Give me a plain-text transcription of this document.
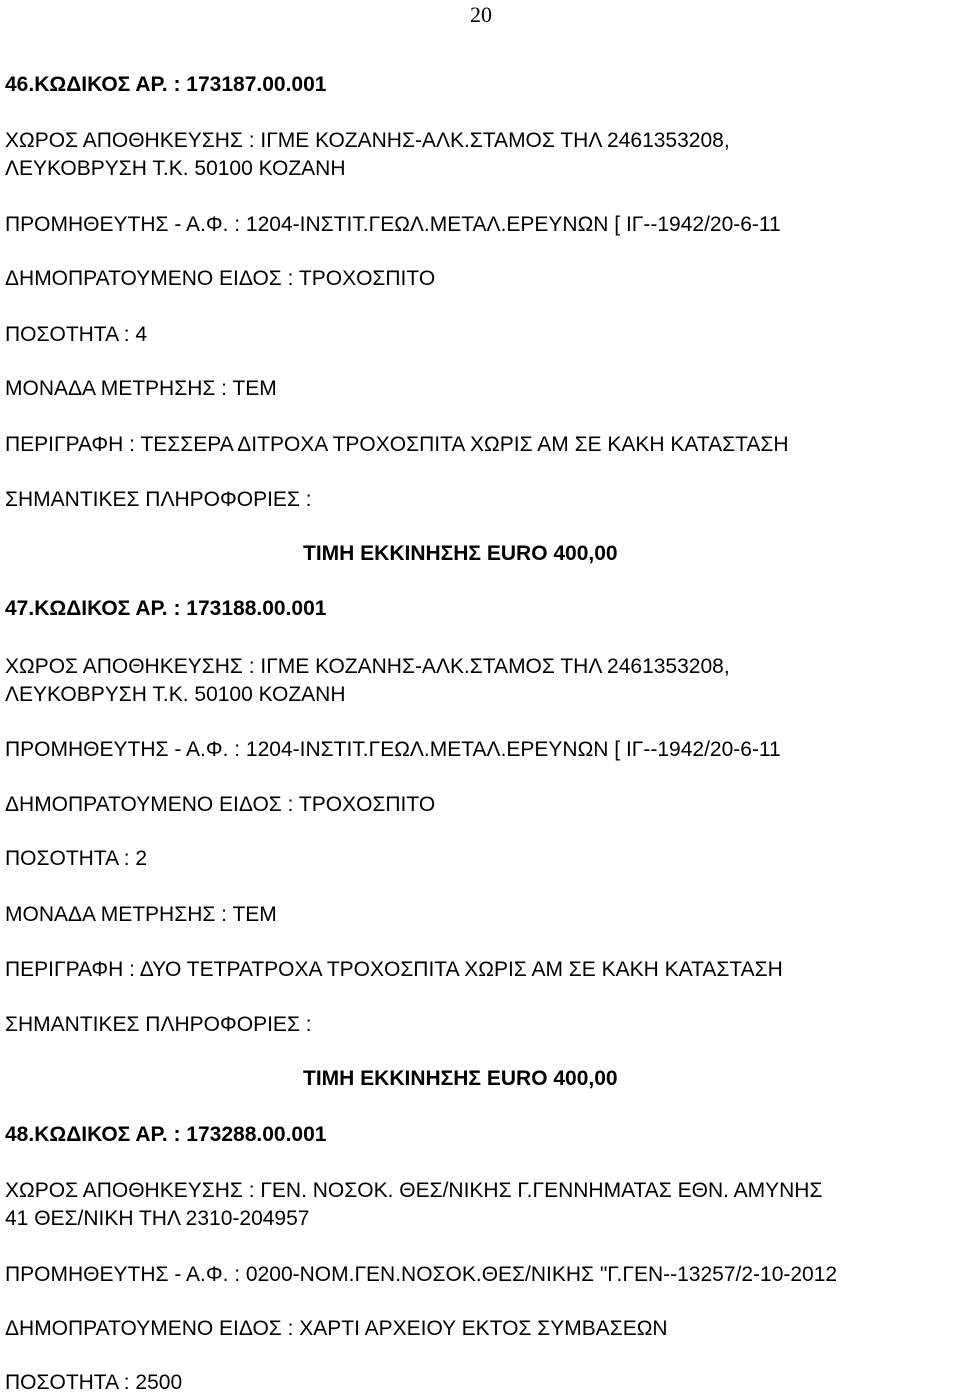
20
46.ΚΩΔΙΚΟΣ ΑΡ. : 173187.00.001
ΧΩΡΟΣ ΑΠΟΘΗΚΕΥΣΗΣ : ΙΓΜΕ ΚΟΖΑΝΗΣ-ΑΛΚ.ΣΤΑΜΟΣ ΤΗΛ 2461353208,
ΛΕΥΚΟΒΡΥΣΗ Τ.Κ. 50100 ΚΟΖΑΝΗ
ΠΡΟΜΗΘΕΥΤΗΣ - Α.Φ. : 1204-ΙΝΣΤΙΤ.ΓΕΩΛ.ΜΕΤΑΛ.ΕΡΕΥΝΩΝ [ ΙΓ--1942/20-6-11
ΔΗΜΟΠΡΑΤΟΥΜΕΝΟ ΕΙΔΟΣ : ΤΡΟΧΟΣΠΙΤΟ
ΠΟΣΟΤΗΤΑ : 4
ΜΟΝΑΔΑ ΜΕΤΡΗΣΗΣ : ΤΕΜ
ΠΕΡΙΓΡΑΦΗ : ΤΕΣΣΕΡΑ ΔΙΤΡΟΧΑ ΤΡΟΧΟΣΠΙΤΑ ΧΩΡΙΣ ΑΜ ΣΕ ΚΑΚΗ ΚΑΤΑΣΤΑΣΗ
ΣΗΜΑΝΤΙΚΕΣ ΠΛΗΡΟΦΟΡΙΕΣ :
ΤΙΜΗ ΕΚΚΙΝΗΣΗΣ EURO 400,00
47.ΚΩΔΙΚΟΣ ΑΡ. : 173188.00.001
ΧΩΡΟΣ ΑΠΟΘΗΚΕΥΣΗΣ : ΙΓΜΕ ΚΟΖΑΝΗΣ-ΑΛΚ.ΣΤΑΜΟΣ ΤΗΛ 2461353208,
ΛΕΥΚΟΒΡΥΣΗ Τ.Κ. 50100 ΚΟΖΑΝΗ
ΠΡΟΜΗΘΕΥΤΗΣ - Α.Φ. : 1204-ΙΝΣΤΙΤ.ΓΕΩΛ.ΜΕΤΑΛ.ΕΡΕΥΝΩΝ [ ΙΓ--1942/20-6-11
ΔΗΜΟΠΡΑΤΟΥΜΕΝΟ ΕΙΔΟΣ : ΤΡΟΧΟΣΠΙΤΟ
ΠΟΣΟΤΗΤΑ : 2
ΜΟΝΑΔΑ ΜΕΤΡΗΣΗΣ : ΤΕΜ
ΠΕΡΙΓΡΑΦΗ : ΔΥΟ ΤΕΤΡΑΤΡΟΧΑ ΤΡΟΧΟΣΠΙΤΑ ΧΩΡΙΣ ΑΜ ΣΕ ΚΑΚΗ ΚΑΤΑΣΤΑΣΗ
ΣΗΜΑΝΤΙΚΕΣ ΠΛΗΡΟΦΟΡΙΕΣ :
ΤΙΜΗ ΕΚΚΙΝΗΣΗΣ EURO 400,00
48.ΚΩΔΙΚΟΣ ΑΡ. : 173288.00.001
ΧΩΡΟΣ ΑΠΟΘΗΚΕΥΣΗΣ : ΓΕΝ. ΝΟΣΟΚ. ΘΕΣ/ΝΙΚΗΣ Γ.ΓΕΝΝΗΜΑΤΑΣ ΕΘΝ. ΑΜΥΝΗΣ
41 ΘΕΣ/ΝΙΚΗ ΤΗΛ 2310-204957
ΠΡΟΜΗΘΕΥΤΗΣ - Α.Φ. : 0200-ΝΟΜ.ΓΕΝ.ΝΟΣΟΚ.ΘΕΣ/ΝΙΚΗΣ "Γ.ΓΕΝ--13257/2-10-2012
ΔΗΜΟΠΡΑΤΟΥΜΕΝΟ ΕΙΔΟΣ : ΧΑΡΤΙ ΑΡΧΕΙΟΥ ΕΚΤΟΣ ΣΥΜΒΑΣΕΩΝ
ΠΟΣΟΤΗΤΑ : 2500
